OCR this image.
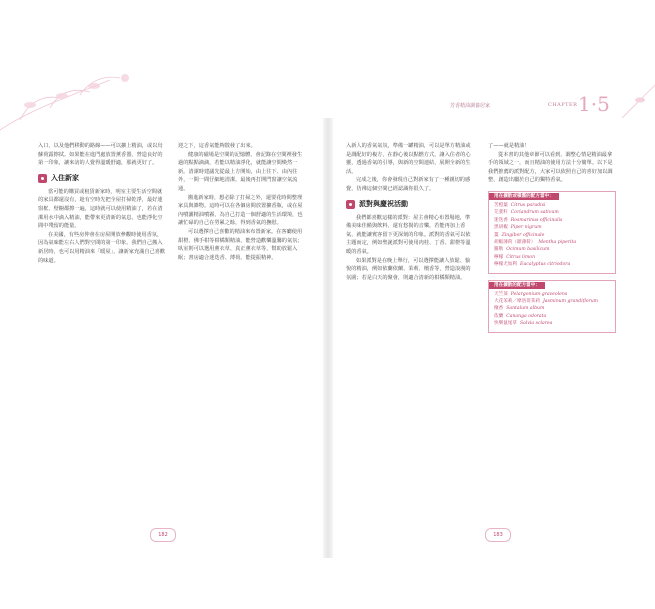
芳香精油調養居家	CHAPTER 1·5

入口，以及他們移動的路線——可以擴上精油，或以烏蘇荷露擦拭。如果能在進門處放置薰香器，營造良好的第一印象，讓來訪的人覺得溫暖舒適，那就更好了。

入住新家

當可能的購買或租賃新家時，明室主要生活空間就的家具都還沒有，趁有空時先把全屋打掃乾淨，最好連窗框、壁櫥都擦一遍，這時就可以使用精油了，若在清潔用水中滴入精油，能帶來更清新的氣息，也能淨化空間中殘留的能量。

在美國，有些房仲會在房屋開放參觀時使用香氛，因為氣味能左右人們對空間的第一印象。我們自己搬入新居時，也可以用精油來「暖屋」，讓新家充滿自己喜歡的味道。

迎之下，這香氣能夠散發了出來。

健康的磁場是空間的記憶體，會記錄在空間裡發生過的點點滴滴，若能以精油淨化，就能讓空間煥然一新。清潔時建議先從最上方開始，由上往下、由內往外，一間一間仔細地清潔，最後再打開門窗讓空氣流通。

搬進新家時，想必除了打掃之外，還要花時間整理家具與雜物。這時可以在各個房間放置擴香瓶，或在屋內噴灑精油噴霧，為自己打造一個舒適的生活環境，也讓忙碌的自己在勞累之餘，得到香氣的撫慰。

可以選擇自己喜歡的精油來布置新家。在客廳使用甜橙、佛手柑等柑橘類精油，能營造歡樂溫馨的氣氛；臥室則可以選用薰衣草、真正薰衣草等，幫助放鬆入眠；書房適合迷迭香、薄荷，能提振精神。

入新人的香氣氣氛，準備一罐精油，可以是單方精油或是調配好的複方，在靜心後以點燃方式。讓入住者的心靈，透過香氣的引導，與新的空間連結，展開全新的生活。

完成之後，你會發現自己對新家有了一種親切的感覺，彷彿這個空間已經認識你很久了。

派對與慶祝活動

我們都喜歡這樣的派對：屋主會精心布置場地，準備美味佳餚與飲料，還有悠揚的音樂。若能再加上香氣，就能讓賓客留下更深刻的印象。派對的香氣可以依主題而定，例如聖誕派對可使用肉桂、丁香、甜橙等溫暖的香氣。

如果派對是在晚上舉行，可以選擇能讓人放鬆、愉悅的精油，例如依蘭依蘭、茉莉、檀香等，營造浪漫的氛圍；若是白天的聚會，則適合清新的柑橘類精油。

了——就是精油！

從本書的其他章節可以看到，調整心情是精油最拿手的領域之一，而且精油的使用方法十分簡單。以下是我們推薦的派對配方，大家可以依照自己的喜好加以調整，創造出屬於自己的獨特香氣。

用在擴散或噴霧的配方當中：
苦橙葉 Citrus paradisi
芫荽籽 Coriandrum sativum
迷迭香 Rosmarinus officinalis
黑胡椒 Piper nigrum
薑 Zingiber officinale
胡椒薄荷（歐薄荷） Mentha piperita
羅勒 Ocimum basilicum
檸檬 Citrus limon
檸檬尤加利 Eucalyptus citriodora
用在擴散的配方當中：
天竺葵 Pelargonium graveolens
大花茉莉／摩洛哥茉莉 Jasminum grandiflorum
檀香 Santalum album
依蘭 Cananga odorata
快樂鼠尾草 Salvia sclarea
182	183
